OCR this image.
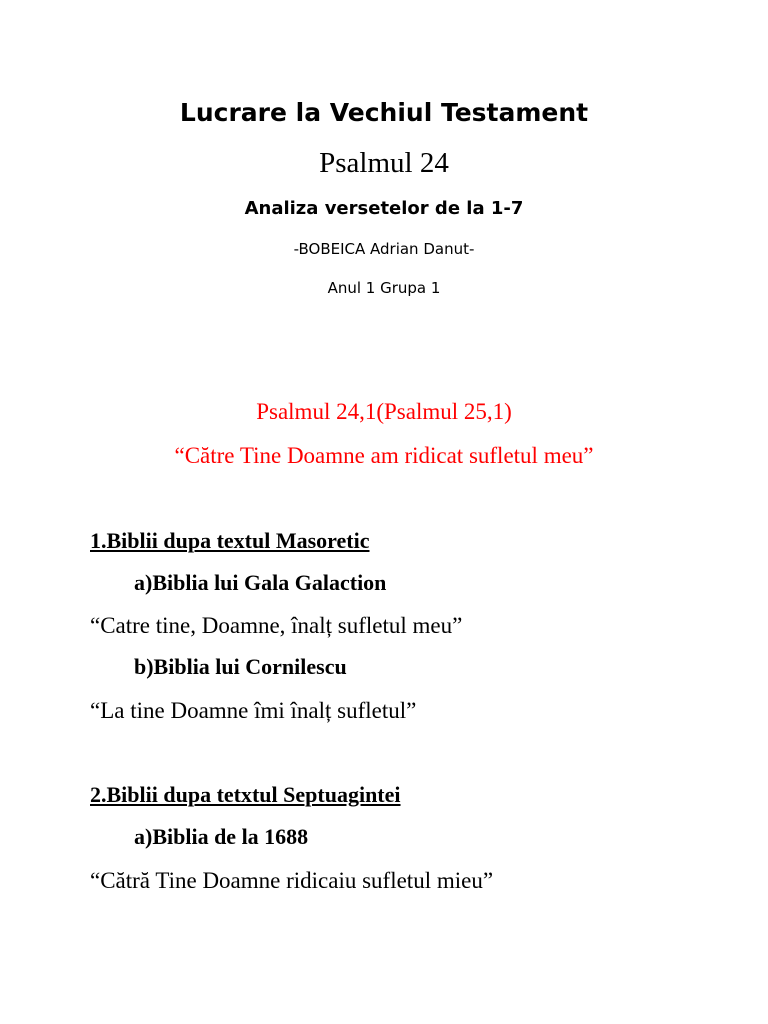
Lucrare la Vechiul Testament
Psalmul 24
Analiza versetelor de la 1-7
-BOBEICA Adrian Danut-
Anul 1 Grupa 1
Psalmul 24,1(Psalmul 25,1)
“Către Tine Doamne am ridicat sufletul meu”
1.Biblii dupa textul Masoretic
a)Biblia lui Gala Galaction
“Catre tine, Doamne, înalț sufletul meu”
b)Biblia lui Cornilescu
“La tine Doamne îmi înalț sufletul”
2.Biblii dupa tetxtul Septuagintei
a)Biblia de la 1688
“Cătră Tine Doamne ridicaiu sufletul mieu”
